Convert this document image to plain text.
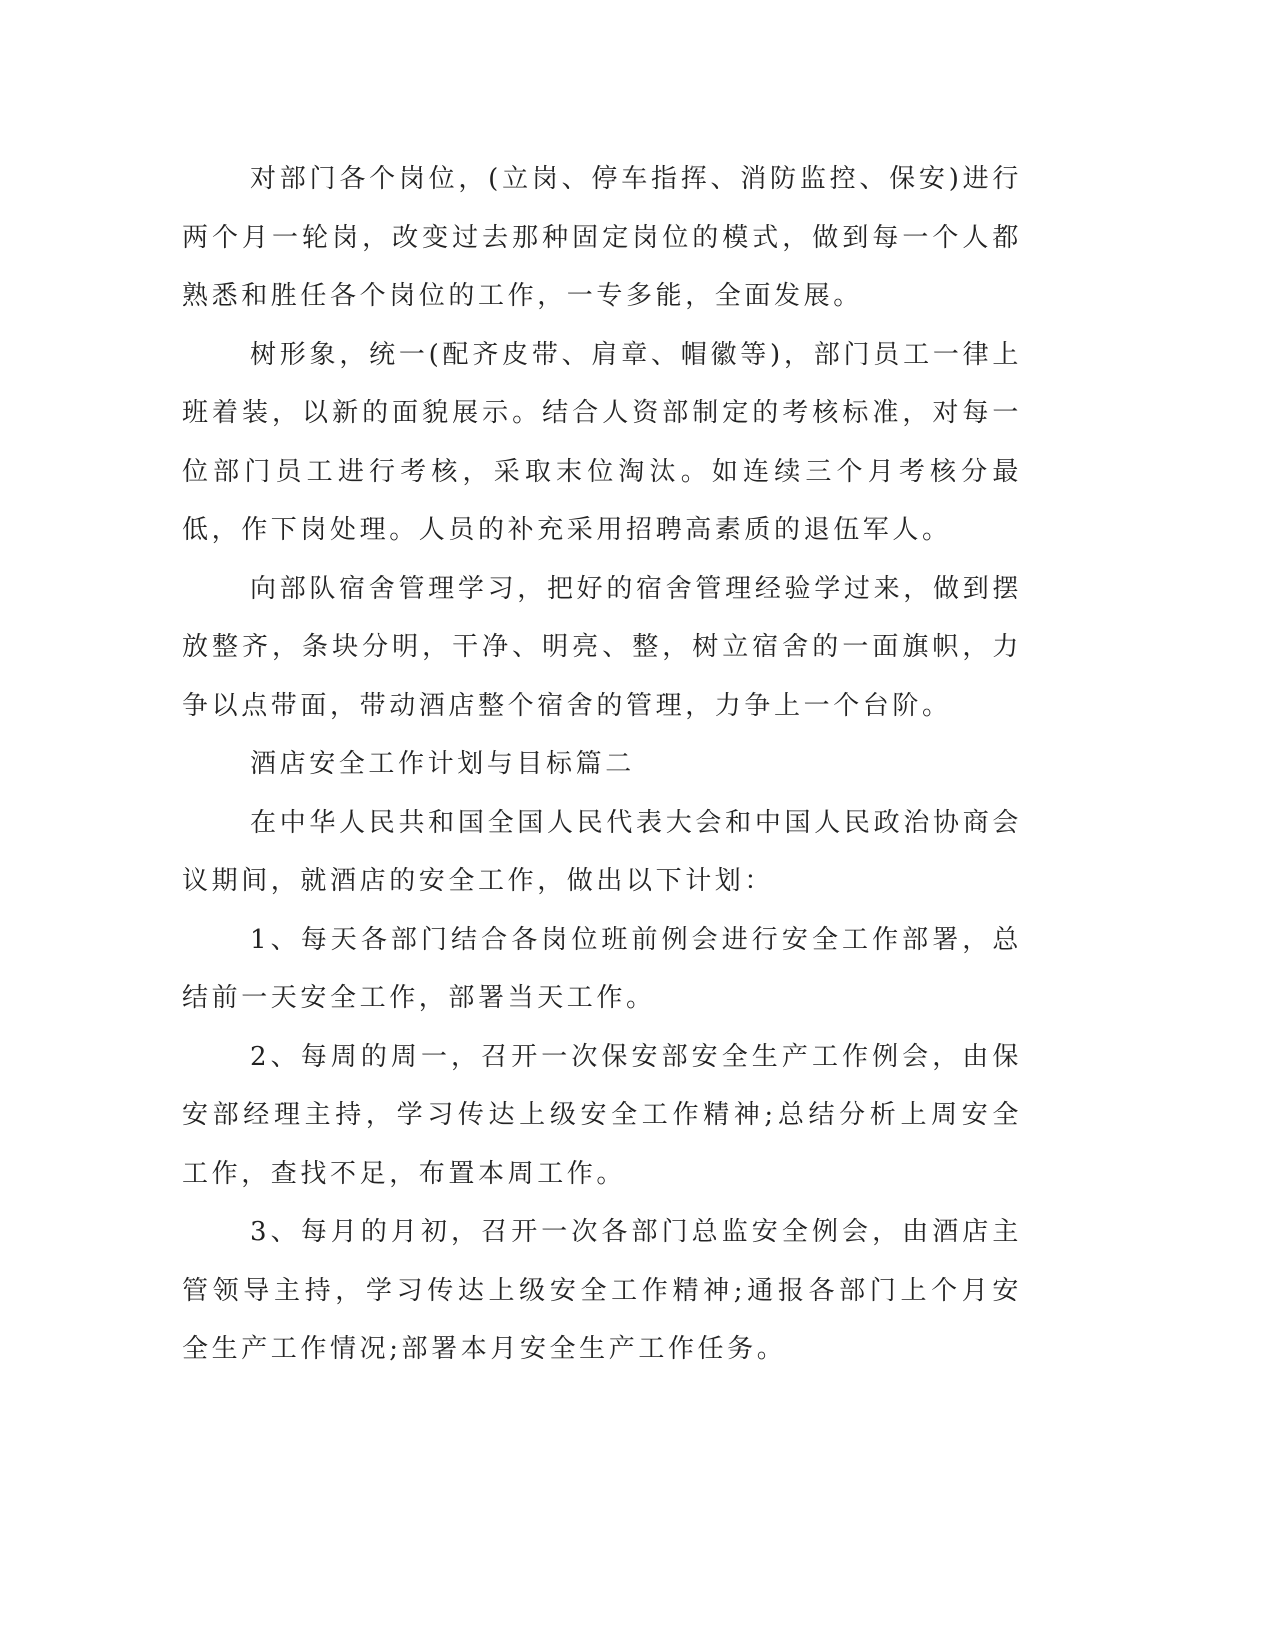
对部门各个岗位，(立岗、停车指挥、消防监控、保安)进行两个月一轮岗，改变过去那种固定岗位的模式，做到每一个人都熟悉和胜任各个岗位的工作，一专多能，全面发展。

树形象，统一(配齐皮带、肩章、帽徽等)，部门员工一律上班着装，以新的面貌展示。结合人资部制定的考核标准，对每一位部门员工进行考核，采取末位淘汰。如连续三个月考核分最低，作下岗处理。人员的补充采用招聘高素质的退伍军人。

向部队宿舍管理学习，把好的宿舍管理经验学过来，做到摆放整齐，条块分明，干净、明亮、整，树立宿舍的一面旗帜，力争以点带面，带动酒店整个宿舍的管理，力争上一个台阶。

酒店安全工作计划与目标篇二

在中华人民共和国全国人民代表大会和中国人民政治协商会议期间，就酒店的安全工作，做出以下计划：

1、每天各部门结合各岗位班前例会进行安全工作部署，总结前一天安全工作，部署当天工作。

2、每周的周一，召开一次保安部安全生产工作例会，由保安部经理主持，学习传达上级安全工作精神;总结分析上周安全工作，查找不足，布置本周工作。

3、每月的月初，召开一次各部门总监安全例会，由酒店主管领导主持，学习传达上级安全工作精神;通报各部门上个月安全生产工作情况;部署本月安全生产工作任务。
